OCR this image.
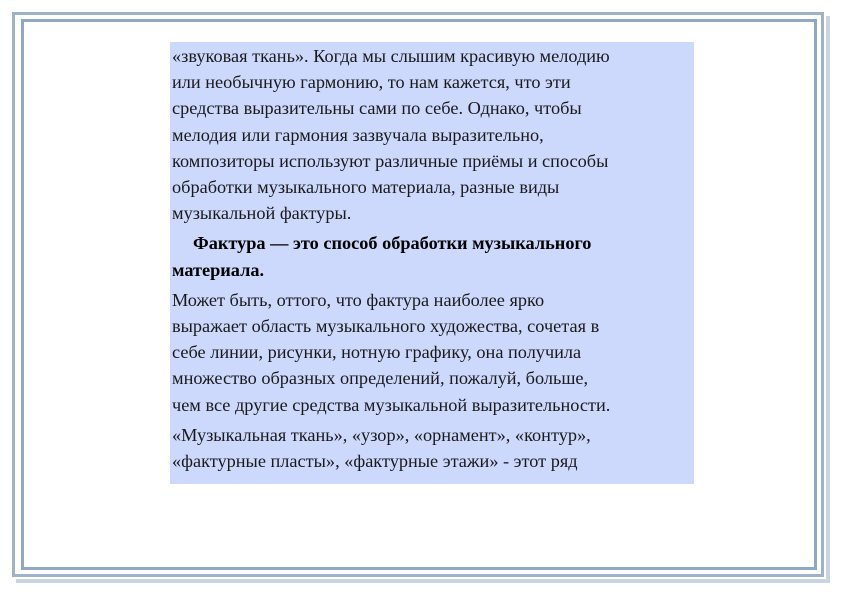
«звуковая ткань». Когда мы слышим красивую мелодию

или необычную гармонию, то нам кажется, что эти

средства выразительны сами по себе. Однако, чтобы

мелодия или гармония зазвучала выразительно,

композиторы используют различные приёмы и способы

обработки музыкального материала, разные виды

музыкальной фактуры.

Фактура — это способ обработки музыкального

материала.

Может быть, оттого, что фактура наиболее ярко

выражает область музыкального художества, сочетая в

себе линии, рисунки, нотную графику, она получила

множество образных определений, пожалуй, больше,

чем все другие средства музыкальной выразительности.

«Музыкальная ткань», «узор», «орнамент», «контур»,

«фактурные пласты», «фактурные этажи» - этот ряд
